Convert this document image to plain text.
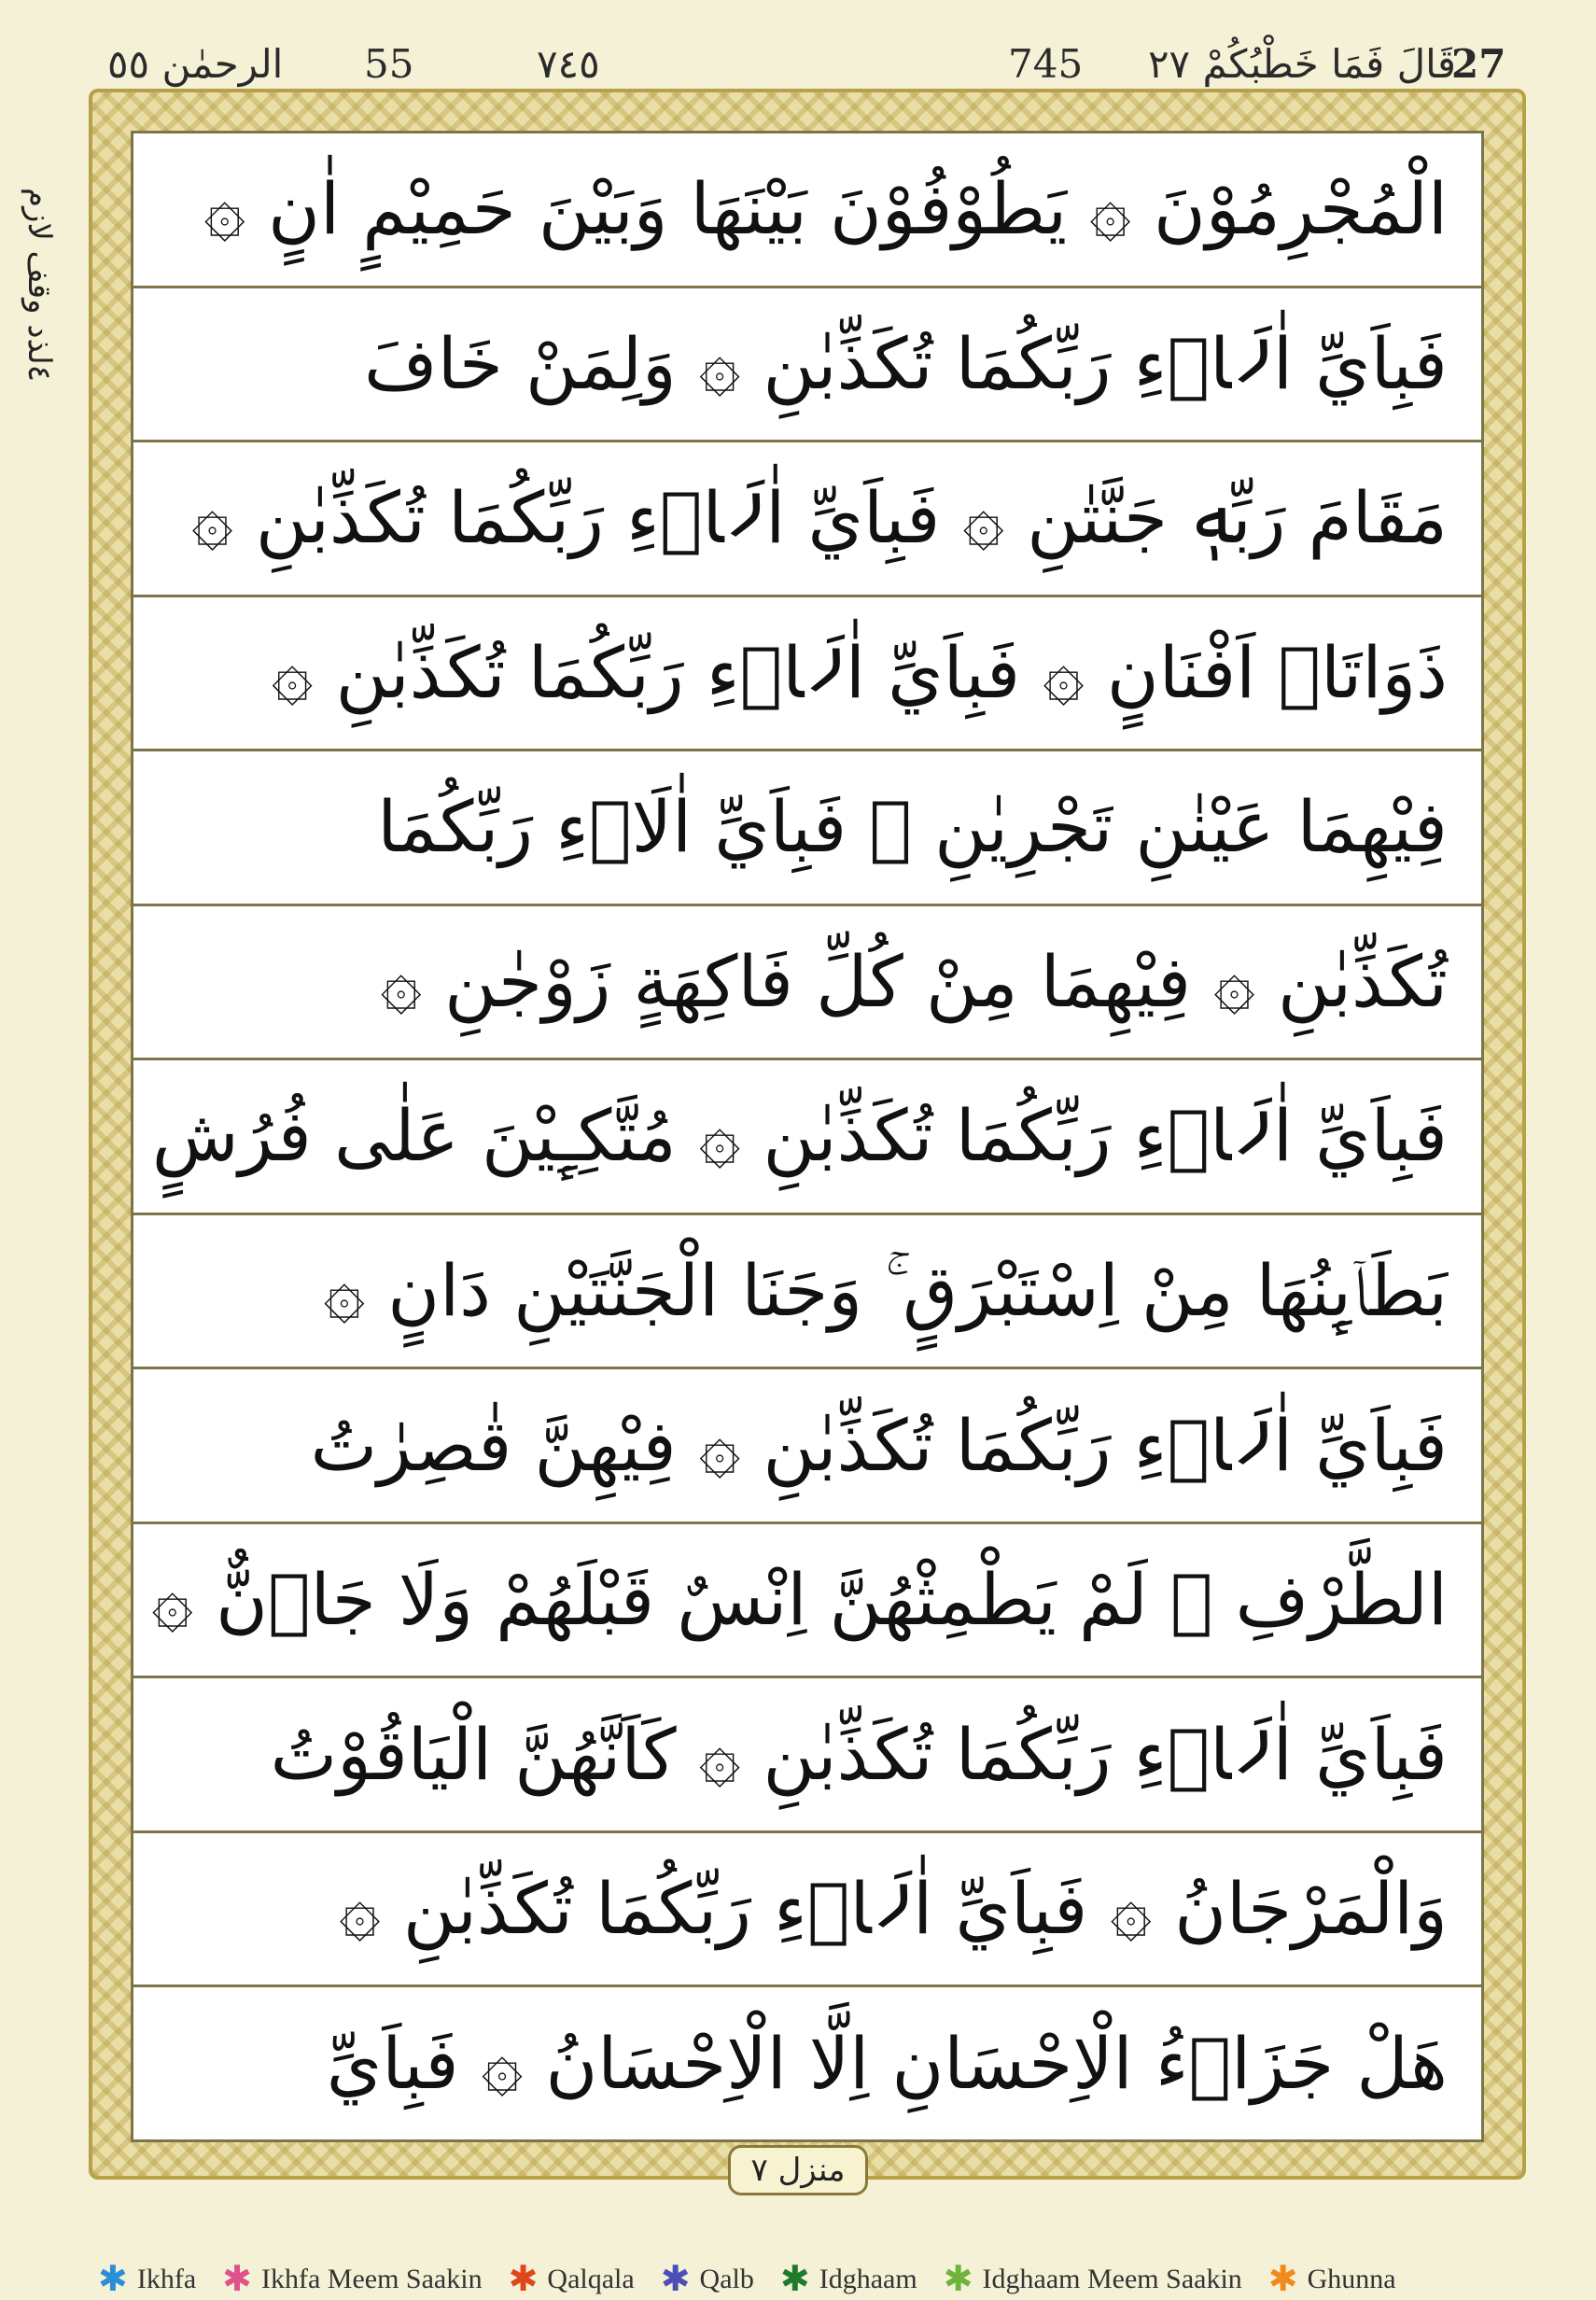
الرحمٰن ٥٥ 55	٧٤٥	745 قَالَ فَمَا خَطْبُكُمْ ٢٧
27
٤لذد وقف لازم
الْمُجْرِمُوْنَ ۞ يَطُوْفُوْنَ بَيْنَهَا وَبَيْنَ حَمِيْمٍ اٰنٍ ۞
فَبِاَيِّ اٰلَاۤءِ رَبِّكُمَا تُكَذِّبٰنِ ۞ وَلِمَنْ خَافَ
مَقَامَ رَبِّهٖ جَنَّتٰنِ ۞ فَبِاَيِّ اٰلَاۤءِ رَبِّكُمَا تُكَذِّبٰنِ ۞
ذَوَاتَاۤ اَفْنَانٍ ۞ فَبِاَيِّ اٰلَاۤءِ رَبِّكُمَا تُكَذِّبٰنِ ۞
فِيْهِمَا عَيْنٰنِ تَجْرِيٰنِ ۞ فَبِاَيِّ اٰلَاۤءِ رَبِّكُمَا
تُكَذِّبٰنِ ۞ فِيْهِمَا مِنْ كُلِّ فَاكِهَةٍ زَوْجٰنِ ۞
فَبِاَيِّ اٰلَاۤءِ رَبِّكُمَا تُكَذِّبٰنِ ۞ مُتَّكِـِٕيْنَ عَلٰى فُرُشٍ
بَطَاۤىِٕنُهَا مِنْ اِسْتَبْرَقٍ ۚ وَجَنَا الْجَنَّتَيْنِ دَانٍ ۞
فَبِاَيِّ اٰلَاۤءِ رَبِّكُمَا تُكَذِّبٰنِ ۞ فِيْهِنَّ قٰصِرٰتُ
الطَّرْفِ ۙ لَمْ يَطْمِثْهُنَّ اِنْسٌ قَبْلَهُمْ وَلَا جَاۤنٌّ ۞
فَبِاَيِّ اٰلَاۤءِ رَبِّكُمَا تُكَذِّبٰنِ ۞ كَاَنَّهُنَّ الْيَاقُوْتُ
وَالْمَرْجَانُ ۞ فَبِاَيِّ اٰلَاۤءِ رَبِّكُمَا تُكَذِّبٰنِ ۞
هَلْ جَزَاۤءُ الْاِحْسَانِ اِلَّا الْاِحْسَانُ ۞ فَبِاَيِّ
منزل ٧
✱ Ikhfa ✱ Ikhfa Meem Saakin ✱ Qalqala ✱ Qalb ✱ Idghaam ✱ Idghaam Meem Saakin ✱ Ghunna
